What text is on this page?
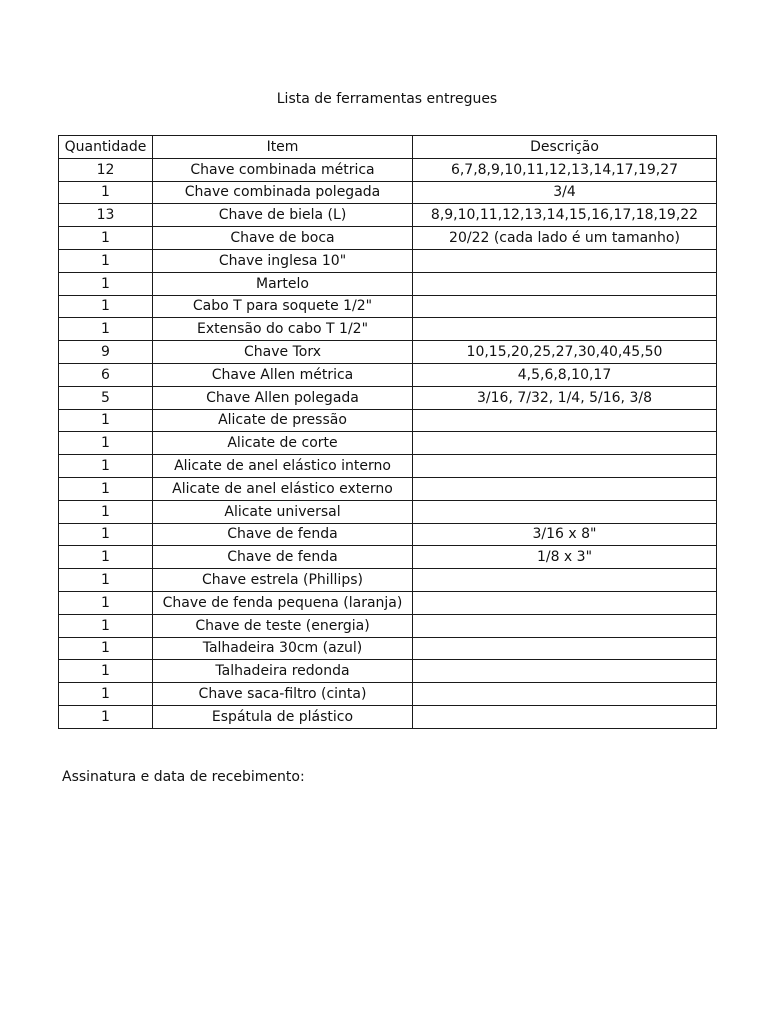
Lista de ferramentas entregues
Quantidade	Item	Descrição
12	Chave combinada métrica	6,7,8,9,10,11,12,13,14,17,19,27
1	Chave combinada polegada	3/4
13	Chave de biela (L)	8,9,10,11,12,13,14,15,16,17,18,19,22
1	Chave de boca	20/22 (cada lado é um tamanho)
1	Chave inglesa 10"	
1	Martelo	
1	Cabo T para soquete 1/2"	
1	Extensão do cabo T 1/2"	
9	Chave Torx	10,15,20,25,27,30,40,45,50
6	Chave Allen métrica	4,5,6,8,10,17
5	Chave Allen polegada	3/16, 7/32, 1/4, 5/16, 3/8
1	Alicate de pressão	
1	Alicate de corte	
1	Alicate de anel elástico interno	
1	Alicate de anel elástico externo	
1	Alicate universal	
1	Chave de fenda	3/16 x 8"
1	Chave de fenda	1/8 x 3"
1	Chave estrela (Phillips)	
1	Chave de fenda pequena (laranja)	
1	Chave de teste (energia)	
1	Talhadeira 30cm (azul)	
1	Talhadeira redonda	
1	Chave saca-filtro (cinta)	
1	Espátula de plástico	
Assinatura e data de recebimento:
